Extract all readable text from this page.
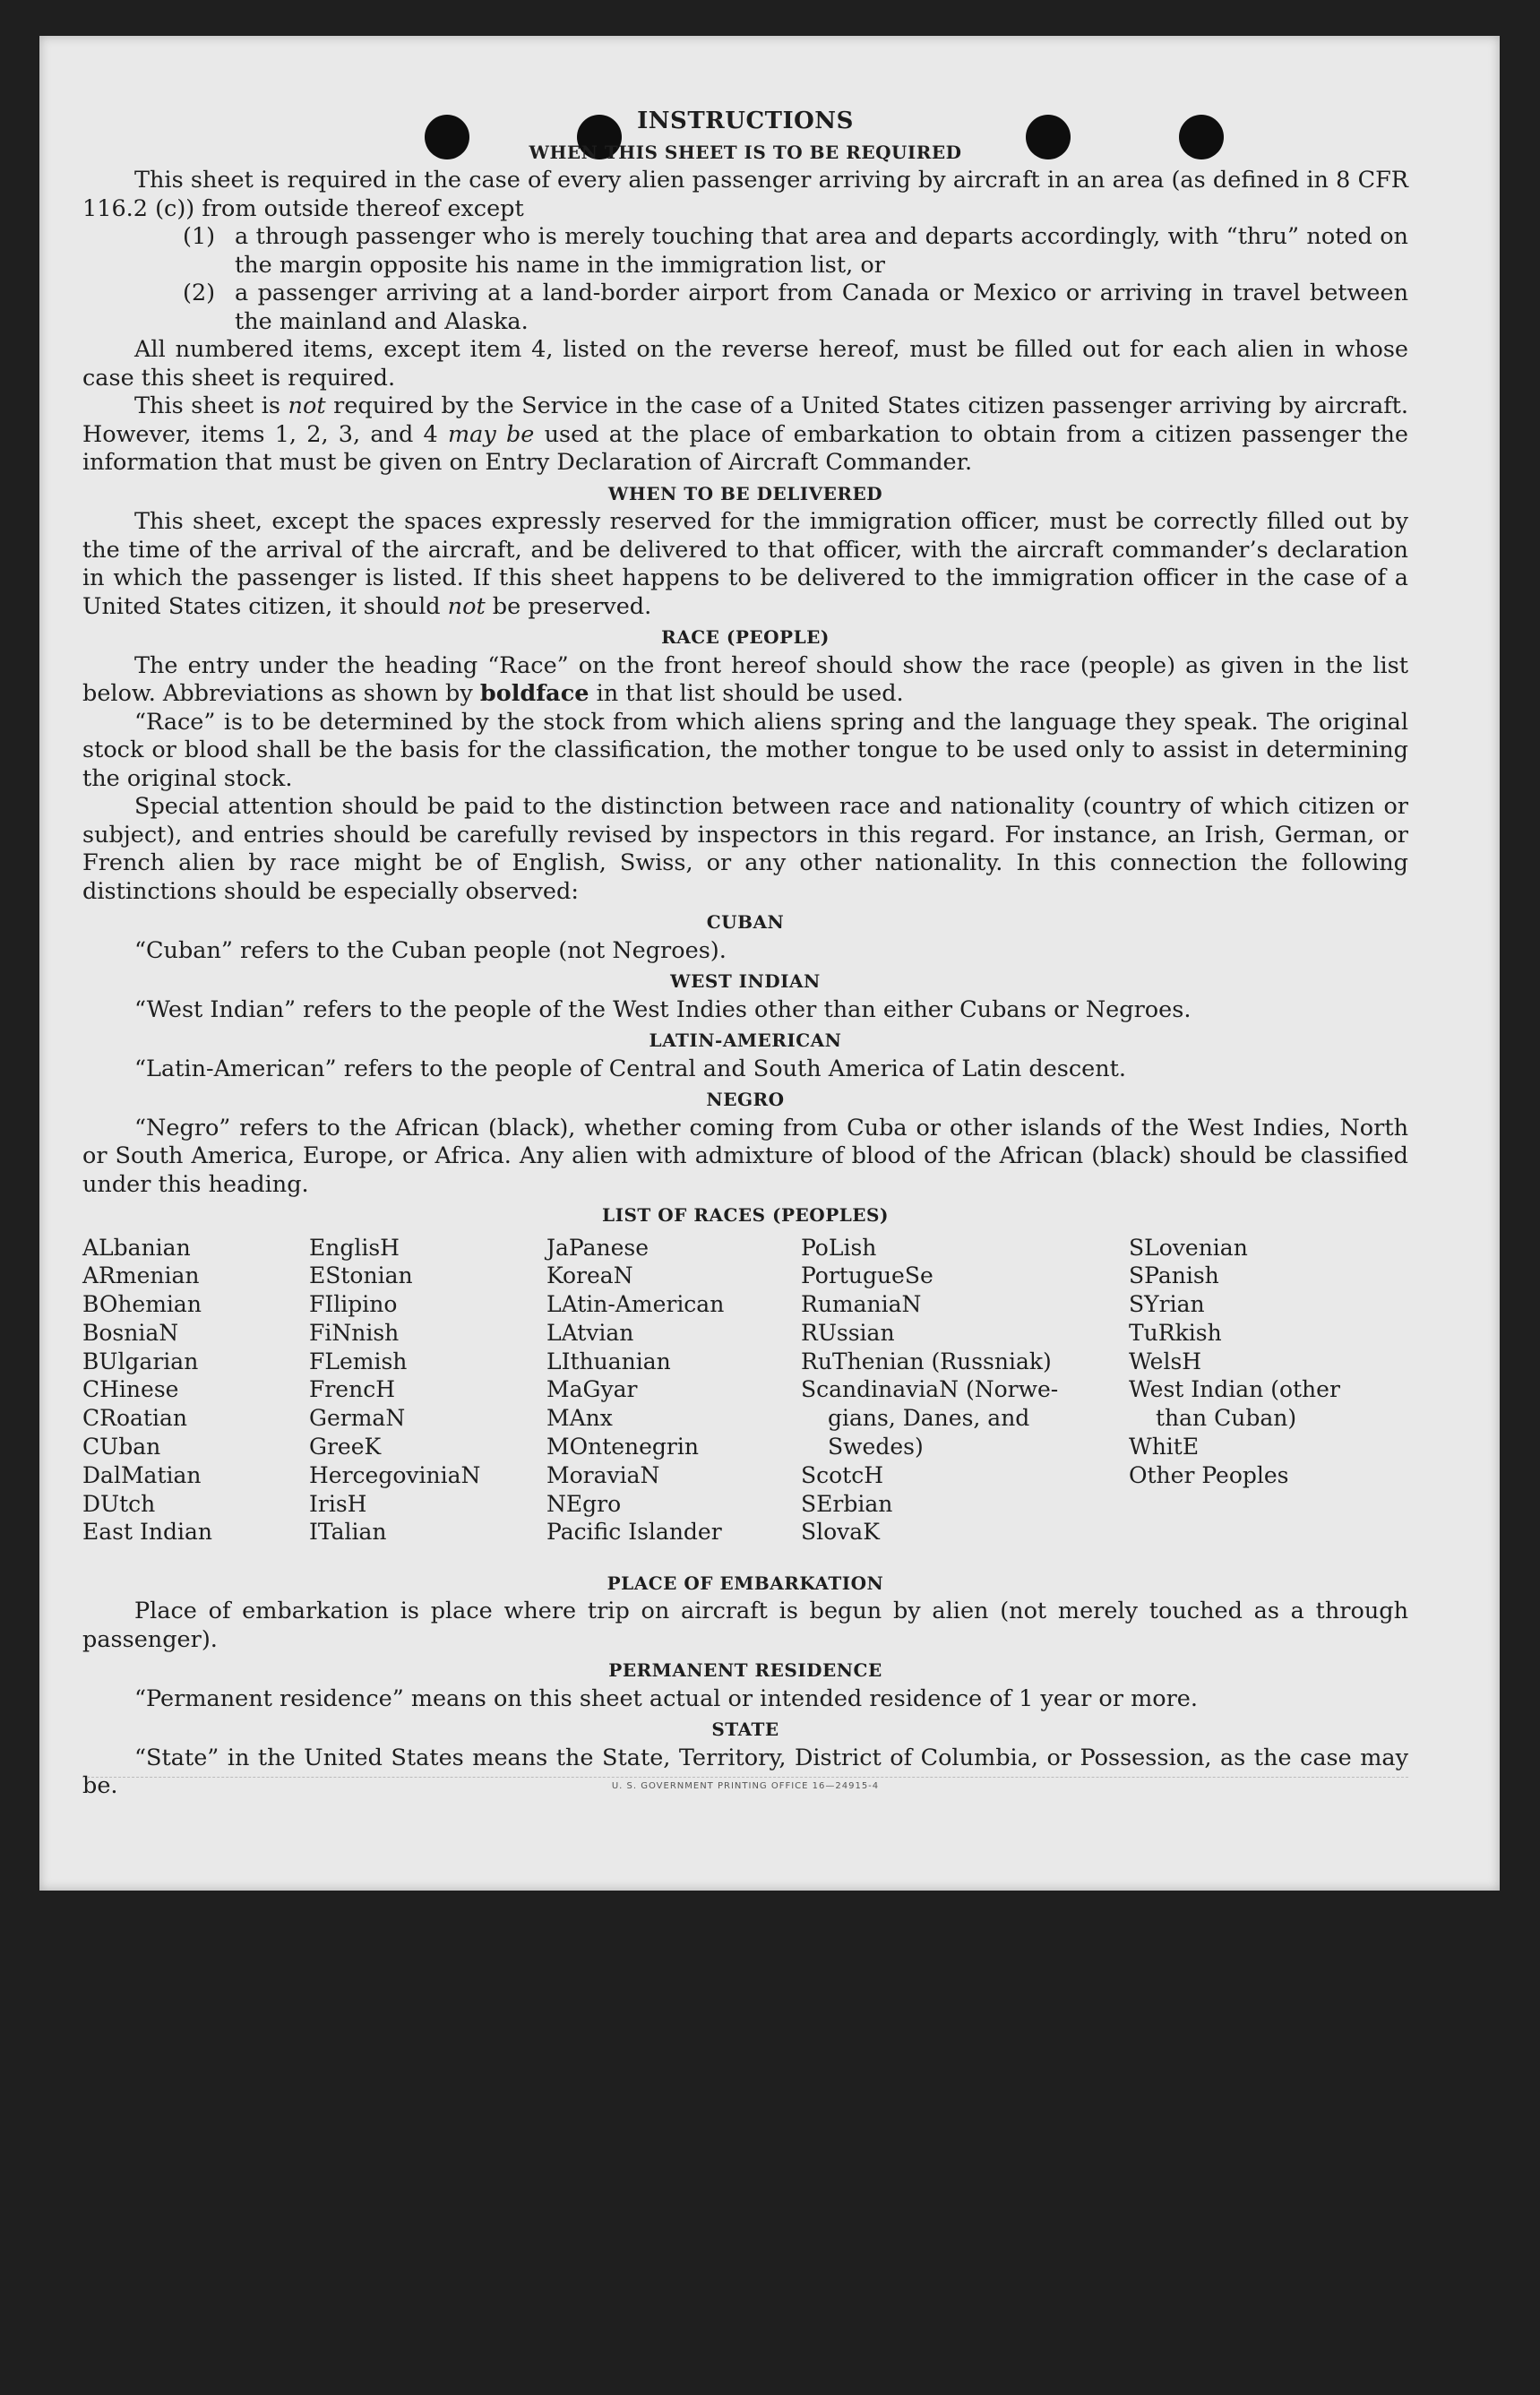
INSTRUCTIONS
WHEN THIS SHEET IS TO BE REQUIRED

This sheet is required in the case of every alien passenger arriving by aircraft in an area (as defined in 8 CFR 116.2 (c)) from outside thereof except

(1) a through passenger who is merely touching that area and departs accordingly, with “thru” noted on the margin opposite his name in the immigration list, or
(2) a passenger arriving at a land-border airport from Canada or Mexico or arriving in travel between the mainland and Alaska.

All numbered items, except item 4, listed on the reverse hereof, must be filled out for each alien in whose case this sheet is required.

This sheet is not required by the Service in the case of a United States citizen passenger arriving by aircraft. However, items 1, 2, 3, and 4 may be used at the place of embarkation to obtain from a citizen passenger the information that must be given on Entry Declaration of Aircraft Commander.

WHEN TO BE DELIVERED

This sheet, except the spaces expressly reserved for the immigration officer, must be correctly filled out by the time of the arrival of the aircraft, and be delivered to that officer, with the aircraft commander’s declaration in which the passenger is listed. If this sheet happens to be delivered to the immigration officer in the case of a United States citizen, it should not be preserved.

RACE (PEOPLE)

The entry under the heading “Race” on the front hereof should show the race (people) as given in the list below. Abbreviations as shown by boldface in that list should be used.

“Race” is to be determined by the stock from which aliens spring and the language they speak. The original stock or blood shall be the basis for the classification, the mother tongue to be used only to assist in determining the original stock.

Special attention should be paid to the distinction between race and nationality (country of which citizen or subject), and entries should be carefully revised by inspectors in this regard. For instance, an Irish, German, or French alien by race might be of English, Swiss, or any other nationality. In this connection the following distinctions should be especially observed:

CUBAN

“Cuban” refers to the Cuban people (not Negroes).

WEST INDIAN

“West Indian” refers to the people of the West Indies other than either Cubans or Negroes.

LATIN-AMERICAN

“Latin-American” refers to the people of Central and South America of Latin descent.

NEGRO

“Negro” refers to the African (black), whether coming from Cuba or other islands of the West Indies, North or South America, Europe, or Africa. Any alien with admixture of blood of the African (black) should be classified under this heading.

LIST OF RACES (PEOPLES)
ALbanian
ARmenian
BOhemian
BosniaN
BUlgarian
CHinese
CRoatian
CUban
DalMatian
DUtch
East Indian
EnglisH
EStonian
FIlipino
FiNnish
FLemish
FrencH
GermaN
GreeK
HercegoviniaN
IrisH
ITalian
JaPanese
KoreaN
LAtin-American
LAtvian
LIthuanian
MaGyar
MAnx
MOntenegrin
MoraviaN
NEgro
Pacific Islander
PoLish
PortugueSe
RumaniaN
RUssian
RuThenian (Russniak)
ScandinaviaN (Norwe-
gians, Danes, and
Swedes)
ScotcH
SErbian
SlovaK
SLovenian
SPanish
SYrian
TuRkish
WelsH
West Indian (other
than Cuban)
WhitE
Other Peoples
PLACE OF EMBARKATION

Place of embarkation is place where trip on aircraft is begun by alien (not merely touched as a through passenger).

PERMANENT RESIDENCE

“Permanent residence” means on this sheet actual or intended residence of 1 year or more.

STATE

“State” in the United States means the State, Territory, District of Columbia, or Possession, as the case may be.	U. S. GOVERNMENT PRINTING OFFICE 16—24915-4
